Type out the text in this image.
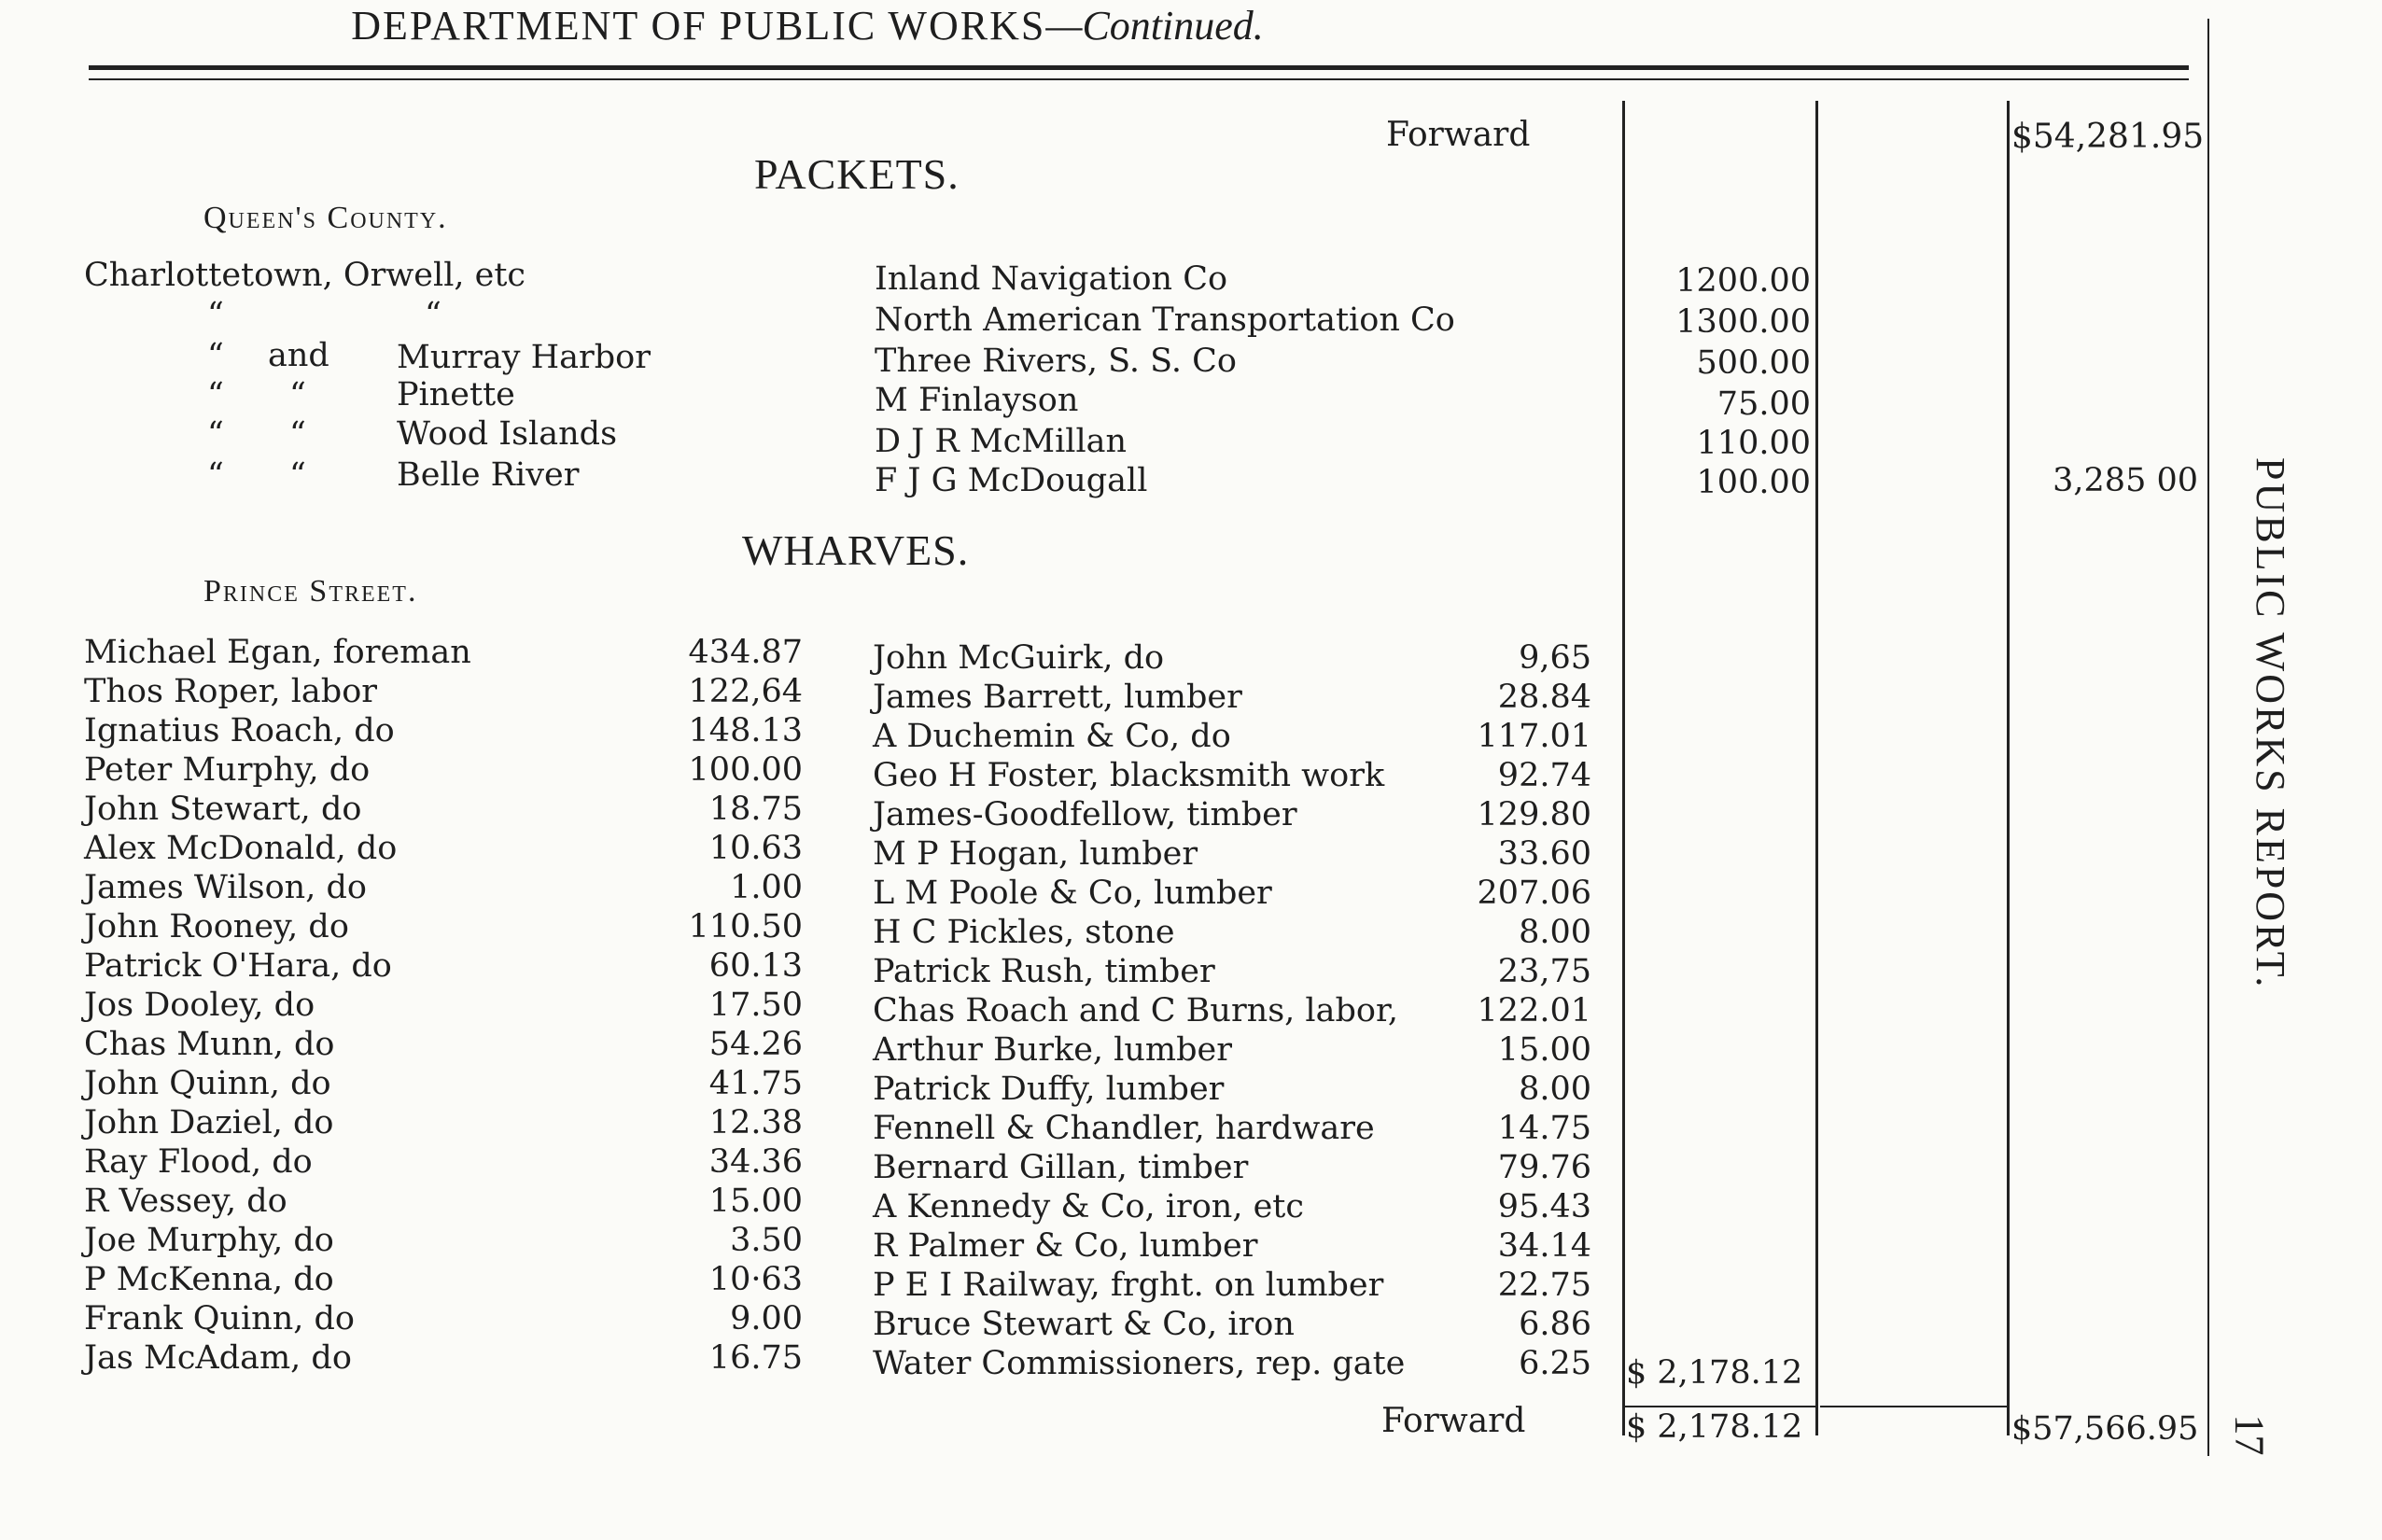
DEPARTMENT OF PUBLIC WORKS—Continued.
Forward	$54,281.95
PACKETS.
Queen's County.
Charlottetown, Orwell, etc	Inland Navigation Co	1200.00
“	“	North American Transportation Co	1300.00
“ and Murray Harbor	Three Rivers, S. S. Co	500.00
“ “	Pinette	M Finlayson	75.00
“ “	Wood Islands	D J R McMillan	110.00
“ “	Belle River	F J G McDougall	100.00	3,285 00
WHARVES.
Prince Street.
Michael Egan, foreman	434.87
Thos Roper, labor	122,64
Ignatius Roach, do	148.13
Peter Murphy, do	100.00
John Stewart, do	18.75
Alex McDonald, do	10.63
James Wilson, do	1.00
John Rooney, do	110.50
Patrick O'Hara, do	60.13
Jos Dooley, do	17.50
Chas Munn, do	54.26
John Quinn, do	41.75
John Daziel, do	12.38
Ray Flood, do	34.36
R Vessey, do	15.00
Joe Murphy, do	3.50
P McKenna, do	10·63
Frank Quinn, do	9.00
Jas McAdam, do	16.75
John McGuirk, do	9,65
James Barrett, lumber	28.84
A Duchemin & Co, do	117.01
Geo H Foster, blacksmith work	92.74
James-Goodfellow, timber	129.80
M P Hogan, lumber	33.60
L M Poole & Co, lumber	207.06
H C Pickles, stone	8.00
Patrick Rush, timber	23,75
Chas Roach and C Burns, labor,	122.01
Arthur Burke, lumber	15.00
Patrick Duffy, lumber	8.00
Fennell & Chandler, hardware	14.75
Bernard Gillan, timber	79.76
A Kennedy & Co, iron, etc	95.43
R Palmer & Co, lumber	34.14
P E I Railway, frght. on lumber	22.75
Bruce Stewart & Co, iron	6.86
Water Commissioners, rep. gate	6.25 $ 2,178.12
Forward	$ 2,178.12	$57,566.95
PUBLIC WORKS REPORT.
17
